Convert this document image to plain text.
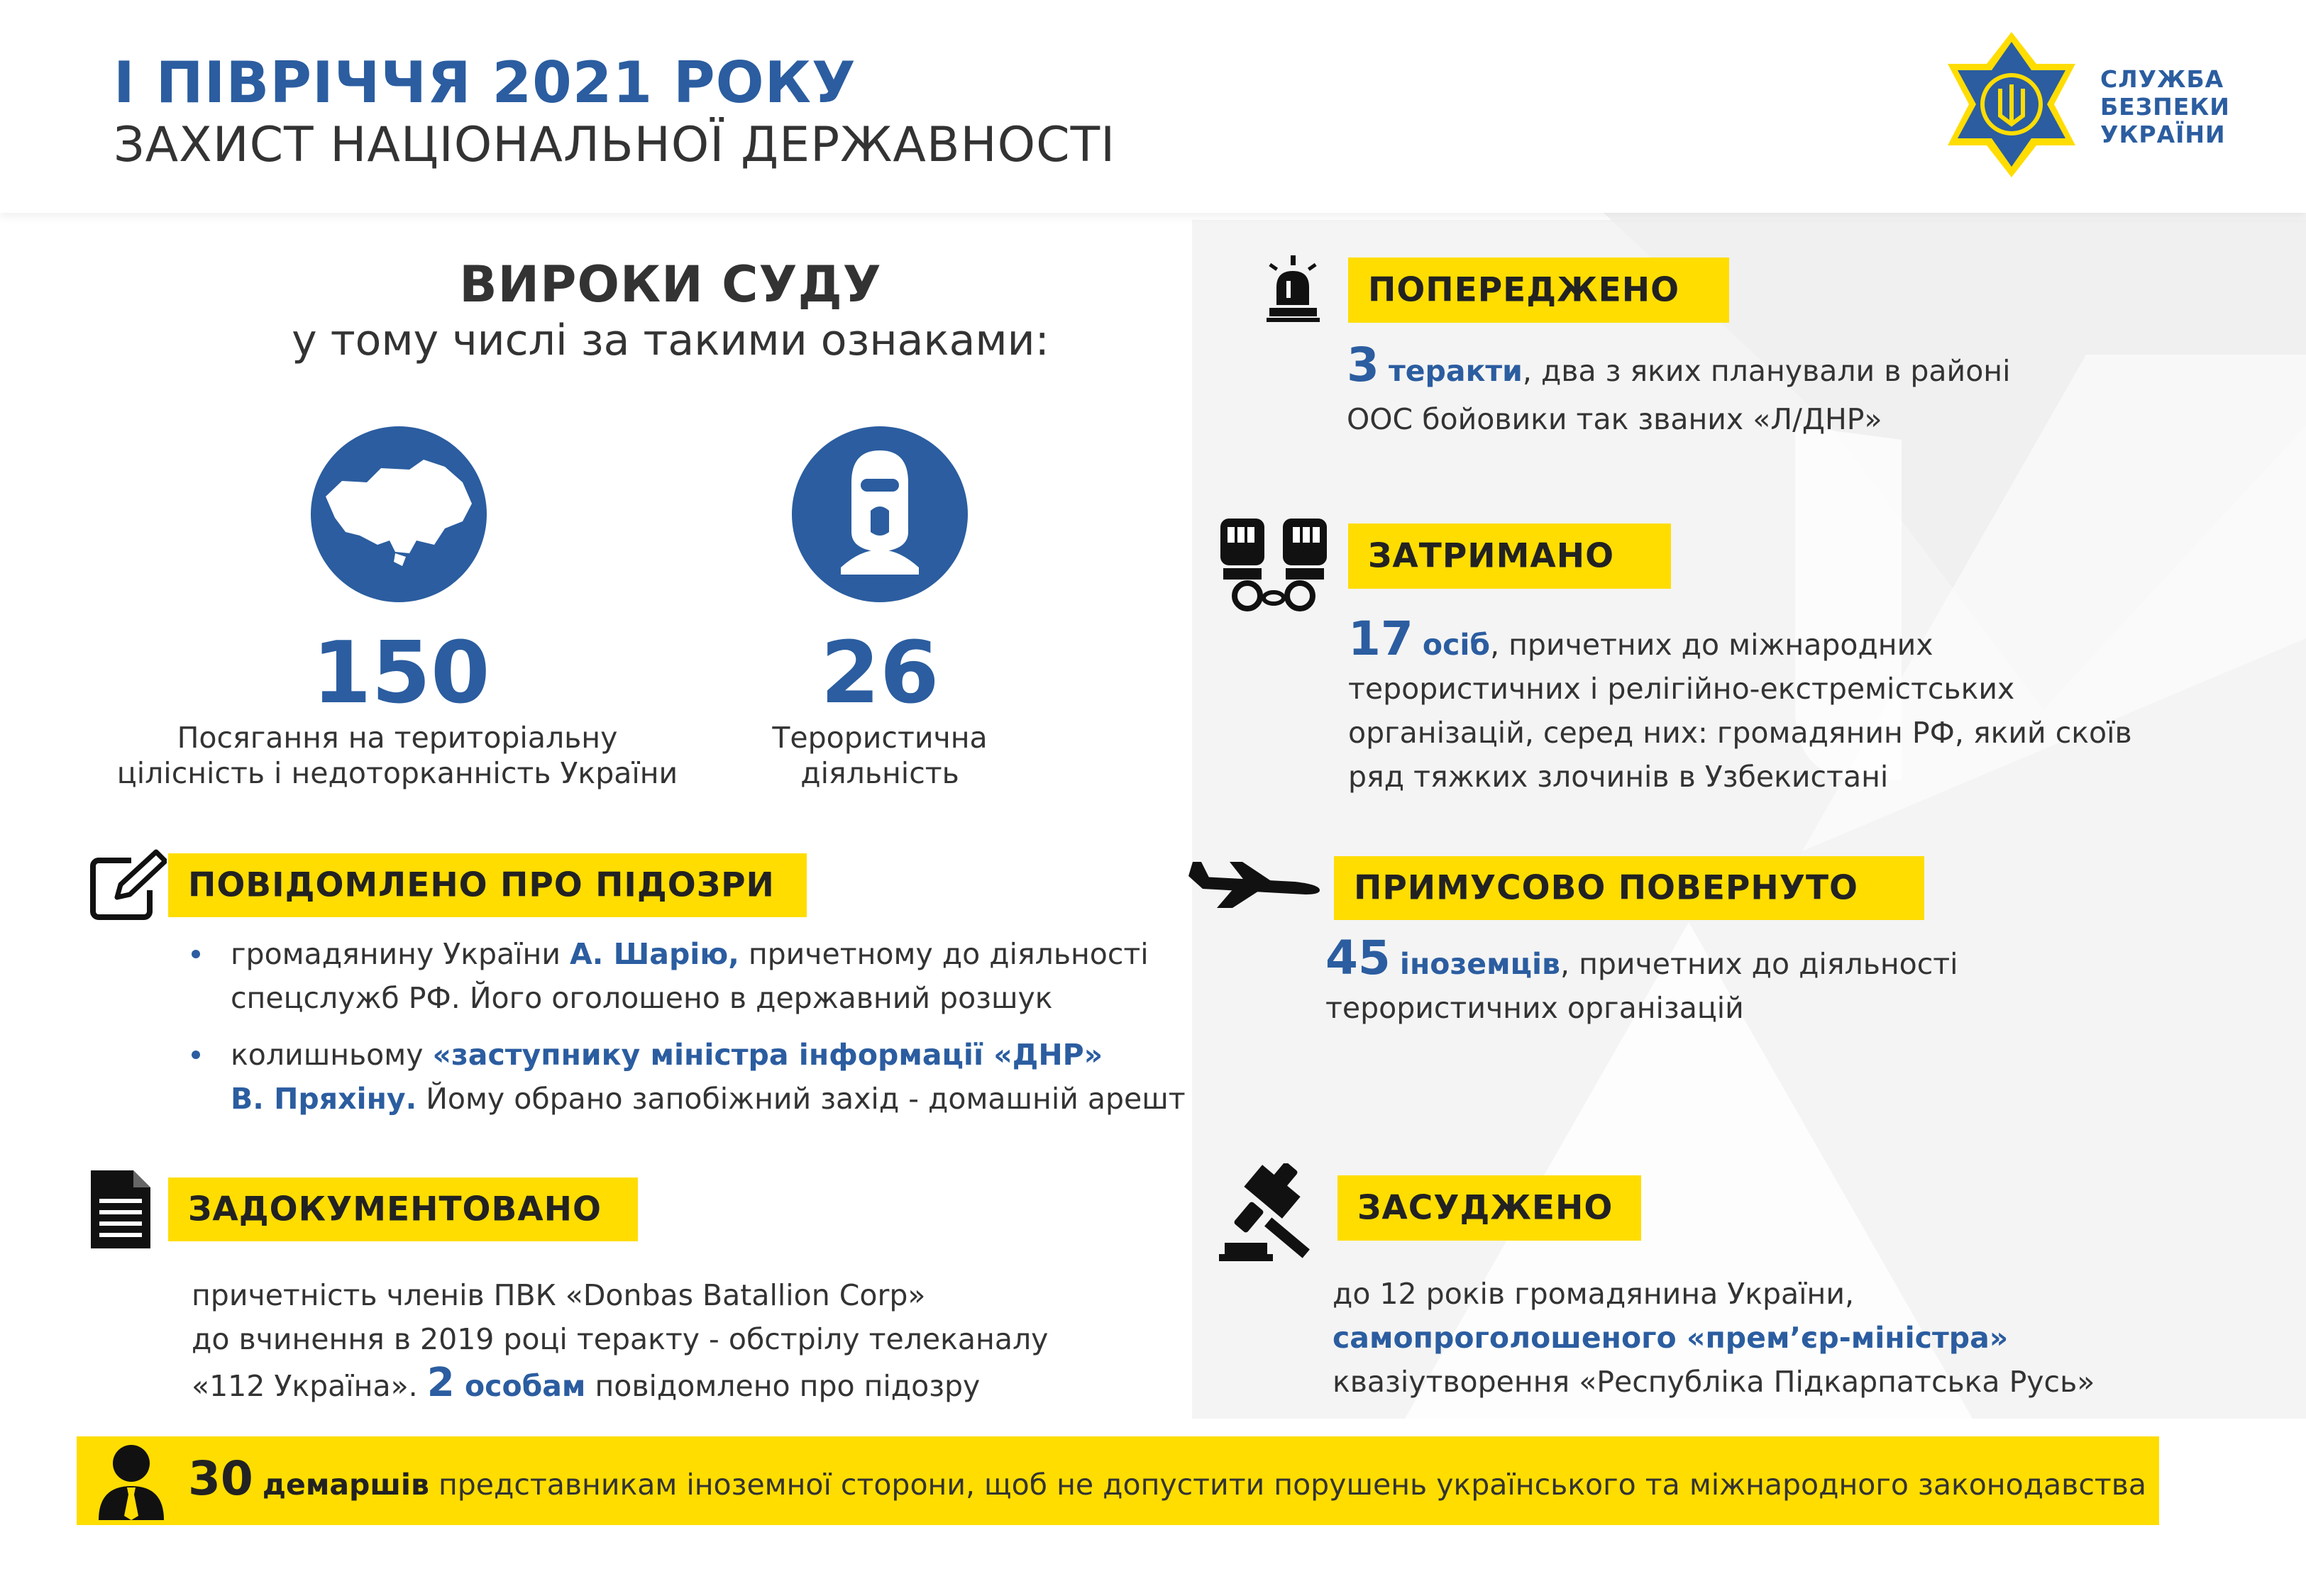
І ПІВРІЧЧЯ 2021 РОКУ
ЗАХИСТ НАЦІОНАЛЬНОЇ ДЕРЖАВНОСТІ
СЛУЖБА
БЕЗПЕКИ
УКРАЇНИ
ВИРОКИ СУДУ
у тому числі за такими ознаками:
150
Посягання на територіальну
цілісність і недоторканність України
26
Терористична
діяльність
ПОВІДОМЛЕНО ПРО ПІДОЗРИ
громадянину України А. Шарію, причетному до діяльності
спецслужб РФ. Його оголошено в державний розшук
колишньому «заступнику міністра інформації «ДНР»
В. Пряхіну. Йому обрано запобіжний захід - домашній арешт
ЗАДОКУМЕНТОВАНО
причетність членів ПВК «Donbas Batallion Corp»
до вчинення в 2019 році теракту - обстрілу телеканалу
«112 Україна». 2 особам повідомлено про підозру
ПОПЕРЕДЖЕНО
3 теракти, два з яких планували в районі
ООС бойовики так званих «Л/ДНР»
ЗАТРИМАНО
17 осіб, причетних до міжнародних
терористичних і релігійно-екстремістських
організацій, серед них: громадянин РФ, який скоїв
ряд тяжких злочинів в Узбекистані
ПРИМУСОВО ПОВЕРНУТО
45 іноземців, причетних до діяльності
терористичних організацій
ЗАСУДЖЕНО
до 12 років громадянина України,
самопроголошеного «прем’єр-міністра»
квазіутворення «Республіка Підкарпатська Русь»
30 демаршів представникам іноземної сторони, щоб не допустити порушень українського та міжнародного законодавства
